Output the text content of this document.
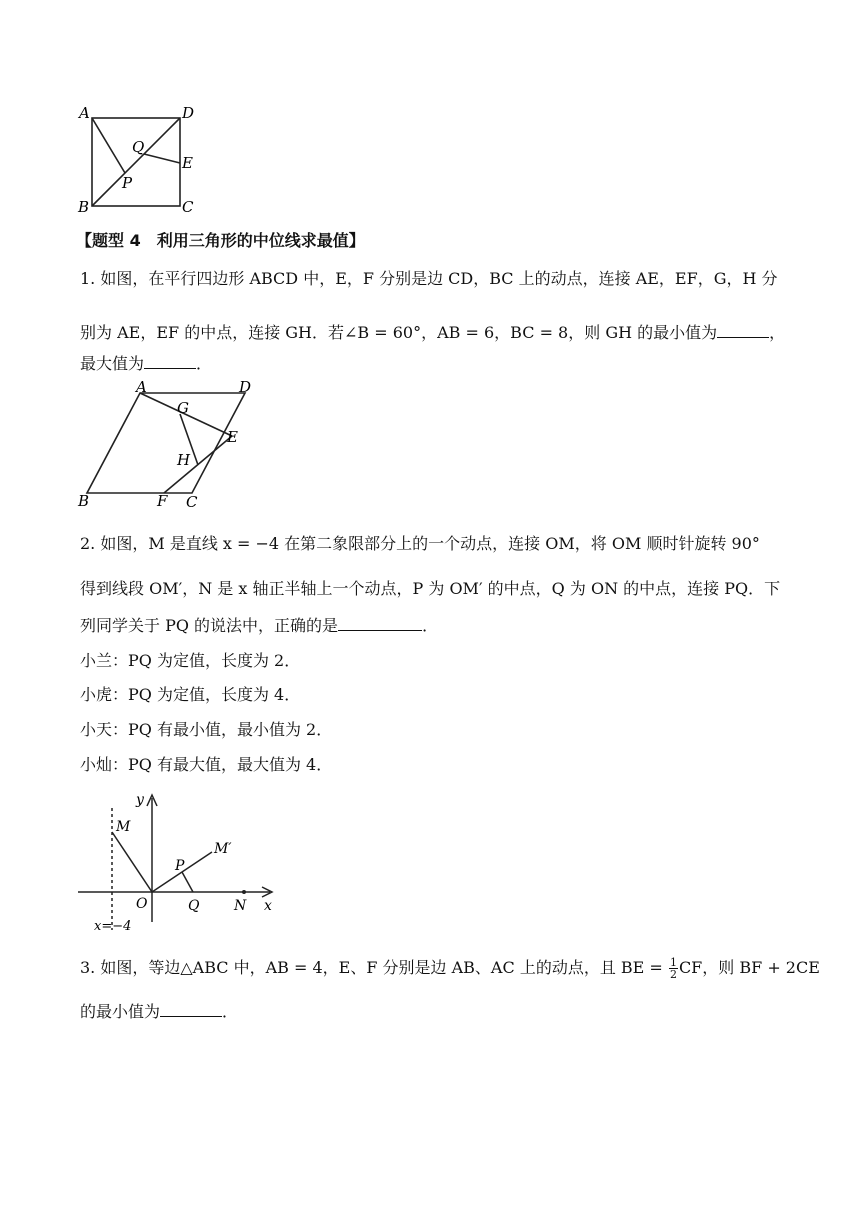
A	D
Q
E
P
B	C
【题型 4　利用三角形的中位线求最值】
1. 如图，在平行四边形 ABCD 中，E，F 分别是边 CD，BC 上的动点，连接 AE，EF，G，H 分
别为 AE，EF 的中点，连接 GH．若∠B = 60°，AB = 6，BC = 8，则 GH 的最小值为	，
最大值为	．
A	D
G
E
H
B	F C
2. 如图，M 是直线 x = −4 在第二象限部分上的一个动点，连接 OM，将 OM 顺时针旋转 90°
得到线段 OM′，N 是 x 轴正半轴上一个动点，P 为 OM′ 的中点，Q 为 ON 的中点，连接 PQ．下
列同学关于 PQ 的说法中，正确的是	．
小兰：PQ 为定值，长度为 2．
小虎：PQ 为定值，长度为 4．
小天：PQ 有最小值，最小值为 2．
小灿：PQ 有最大值，最大值为 4．
y
M
M′
P
O	Q N x
x=−4
3. 如图，等边△ABC 中，AB = 4，E、F 分别是边 AB、AC 上的动点，且 BE = $\frac{1}{2}$ CF，则 BF + 2CE
的最小值为	．
